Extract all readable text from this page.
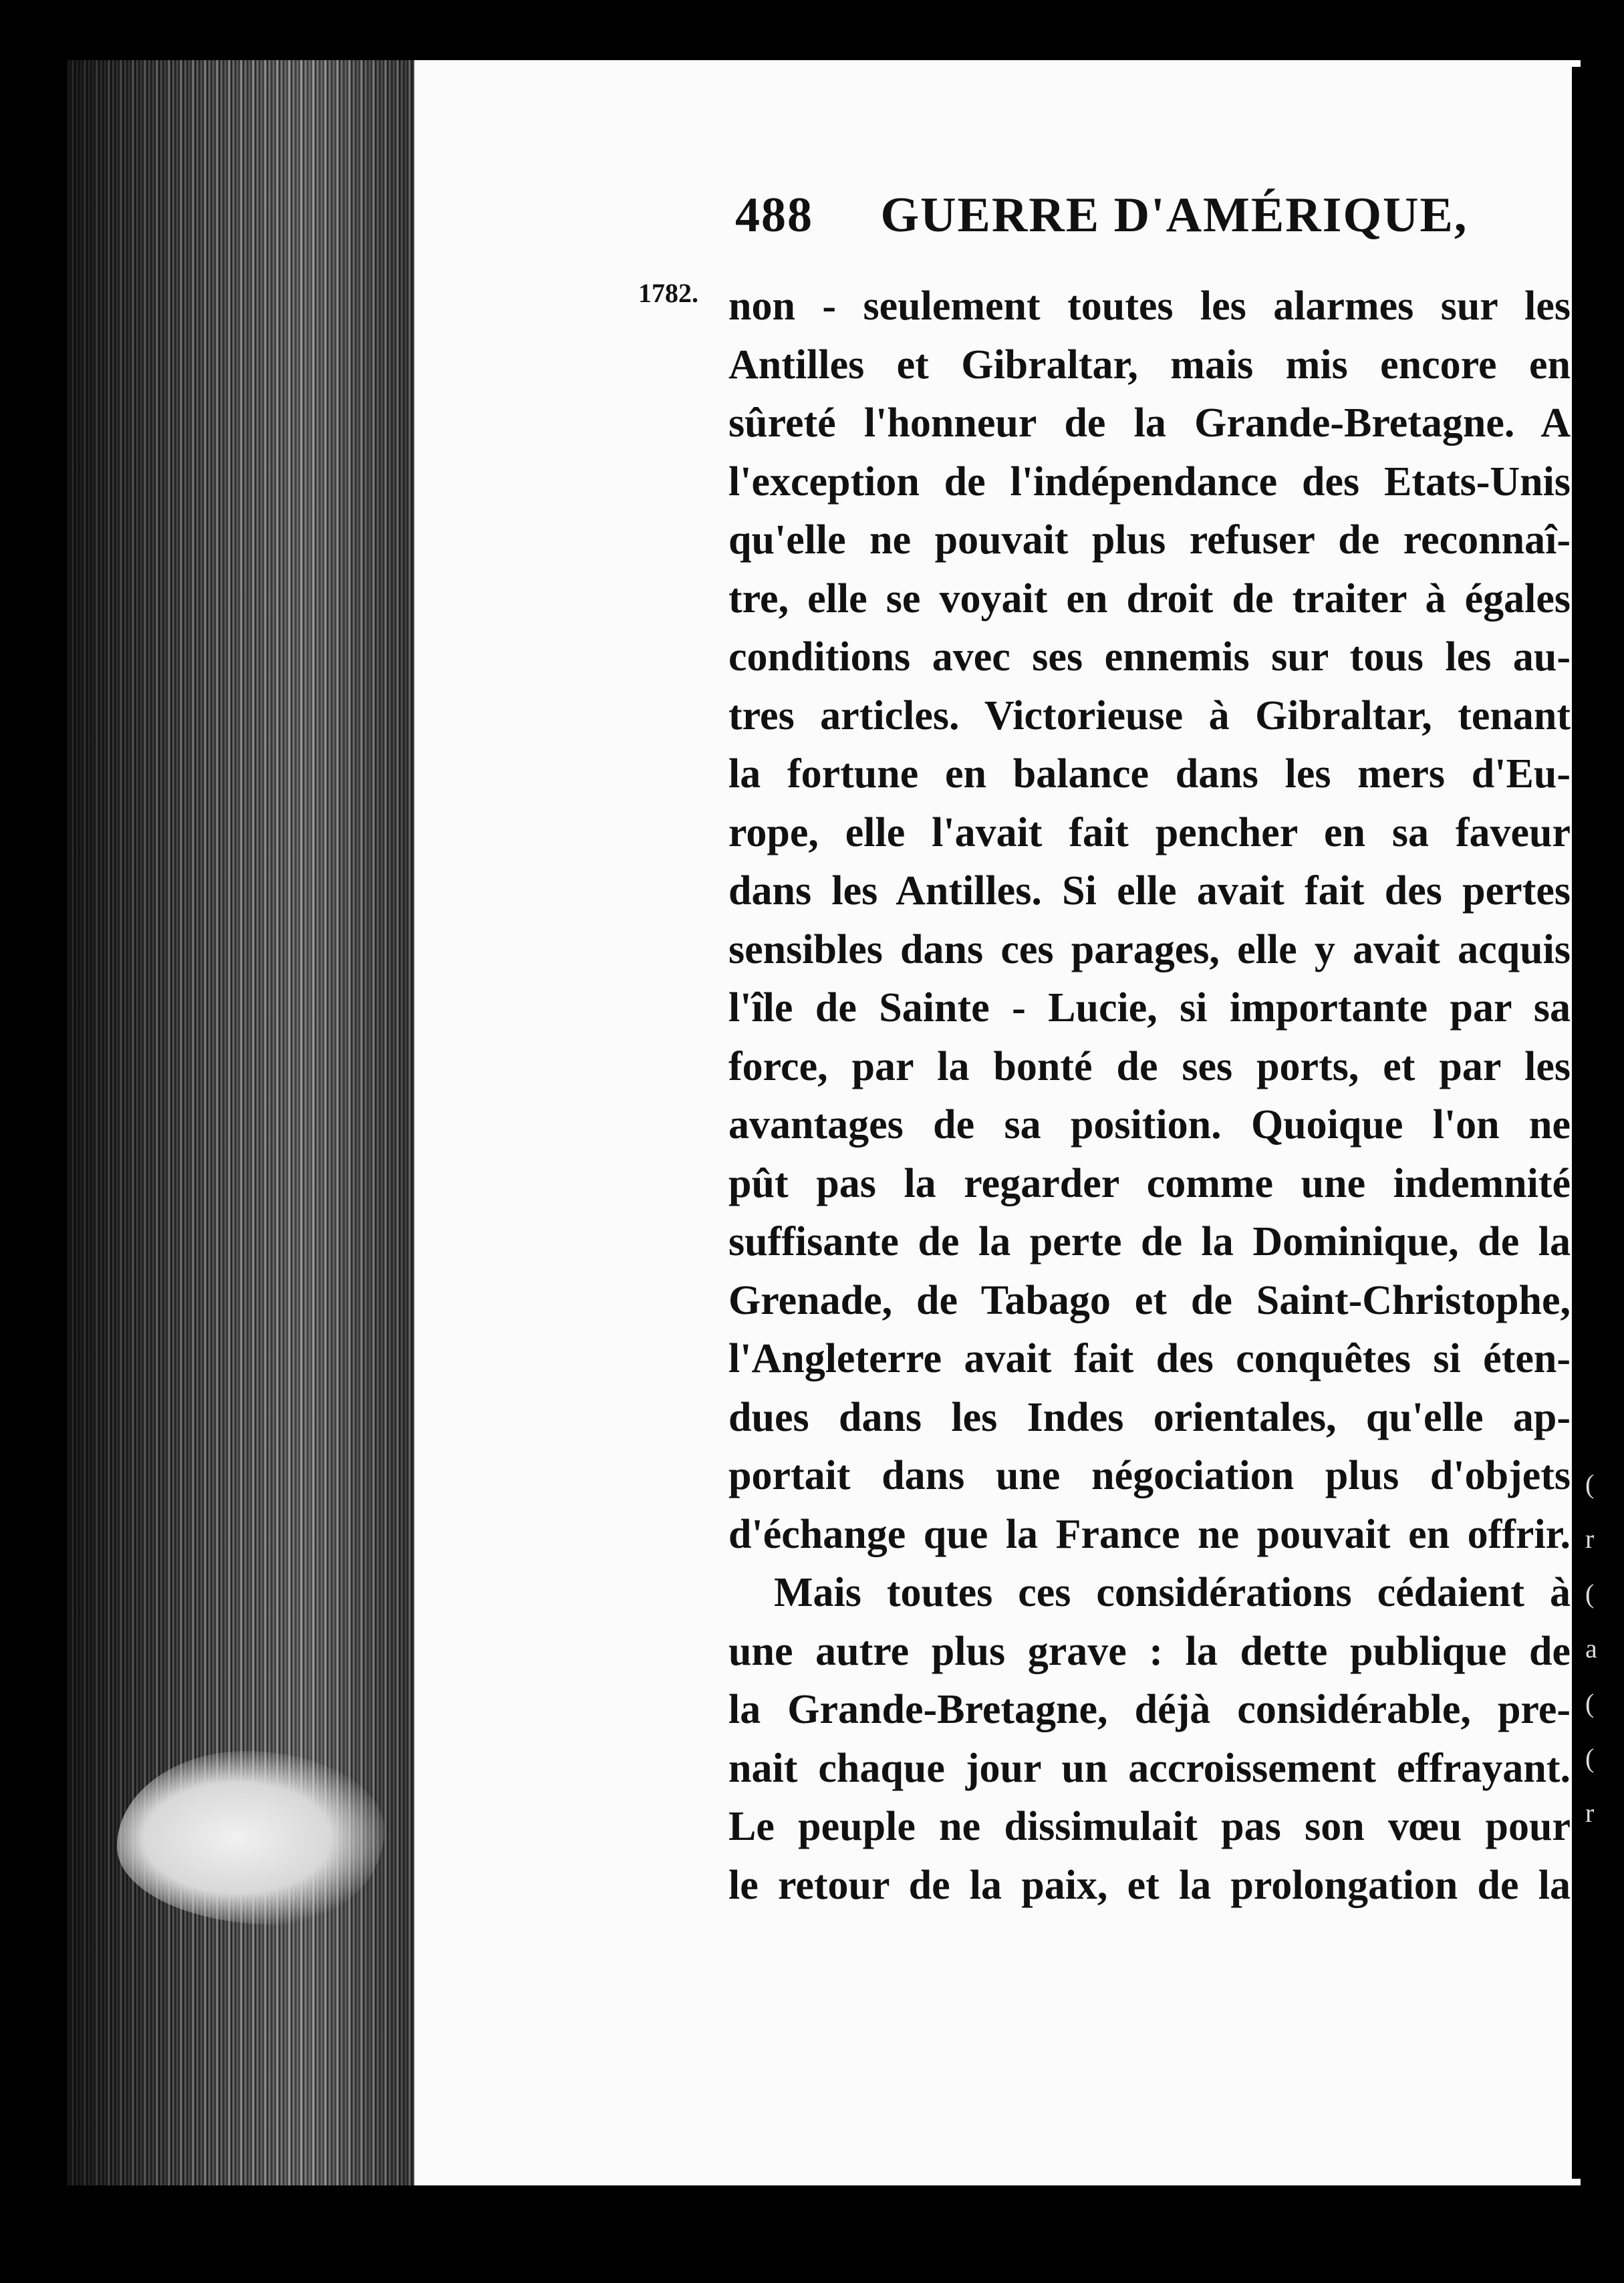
(
r
(
a
(
(
r
488 GUERRE D'AMÉRIQUE,
1782. non - seulement toutes les alarmes sur les
Antilles et Gibraltar, mais mis encore en
sûreté l'honneur de la Grande-Bretagne. A
l'exception de l'indépendance des Etats-Unis
qu'elle ne pouvait plus refuser de reconnaî-
tre, elle se voyait en droit de traiter à égales
conditions avec ses ennemis sur tous les au-
tres articles. Victorieuse à Gibraltar, tenant
la fortune en balance dans les mers d'Eu-
rope, elle l'avait fait pencher en sa faveur
dans les Antilles. Si elle avait fait des pertes
sensibles dans ces parages, elle y avait acquis
l'île de Sainte - Lucie, si importante par sa
force, par la bonté de ses ports, et par les
avantages de sa position. Quoique l'on ne
pût pas la regarder comme une indemnité
suffisante de la perte de la Dominique, de la
Grenade, de Tabago et de Saint-Christophe,
l'Angleterre avait fait des conquêtes si éten-
dues dans les Indes orientales, qu'elle ap-
portait dans une négociation plus d'objets
d'échange que la France ne pouvait en offrir.
Mais toutes ces considérations cédaient à
une autre plus grave : la dette publique de
la Grande-Bretagne, déjà considérable, pre-
nait chaque jour un accroissement effrayant.
Le peuple ne dissimulait pas son vœu pour
le retour de la paix, et la prolongation de la
